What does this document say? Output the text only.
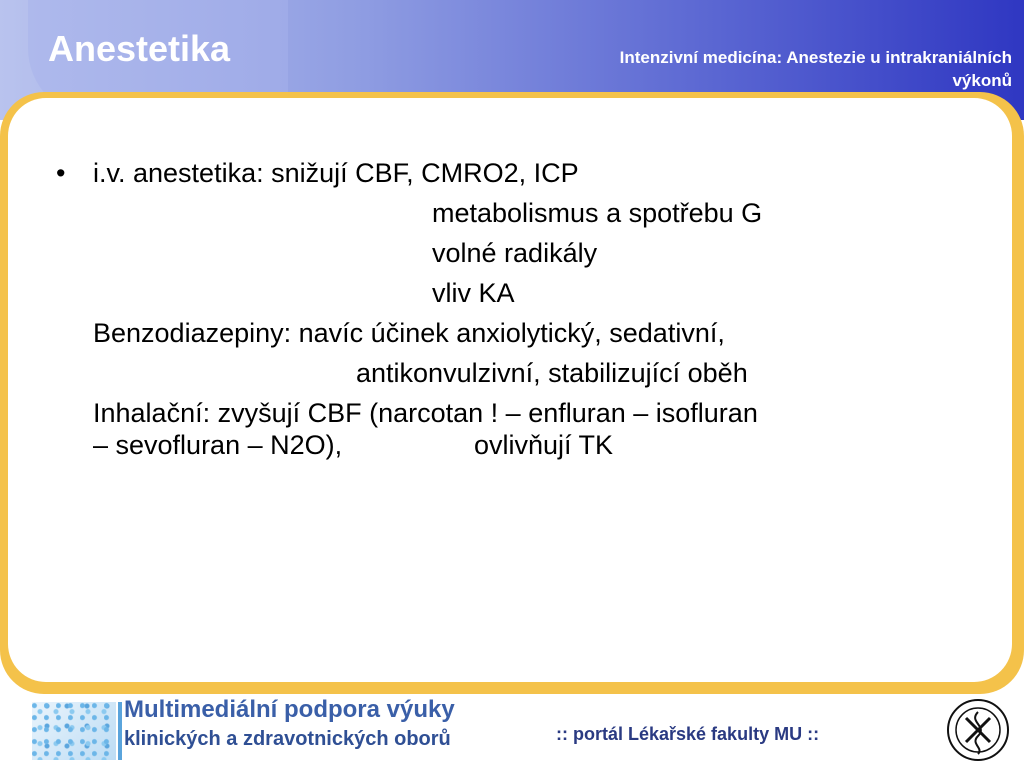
Anestetika	Intenzivní medicína: Anestezie u intrakraniálních
výkonů
• i.v. anestetika: snižují CBF, CMRO2, ICP
metabolismus a spotřebu G
volné radikály
vliv KA
Benzodiazepiny: navíc účinek anxiolytický, sedativní,
antikonvulzivní, stabilizující oběh
Inhalační: zvyšují CBF (narcotan ! – enfluran – isofluran
– sevofluran – N2O),	ovlivňují TK
Multimediální podpora výuky
klinických a zdravotnických oborů	:: portál Lékařské fakulty MU ::
